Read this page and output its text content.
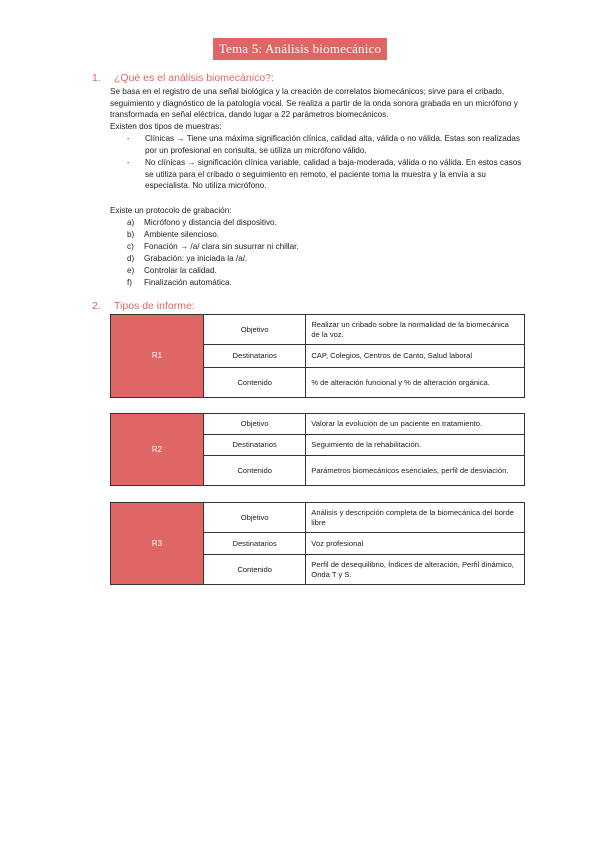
Tema 5: Análisis biomecánico
1. ¿Qué es el análisis biomecánico?:

Se basa en el registro de una señal biológica y la creación de correlatos biomecánicos; sirve para el cribado, seguimiento y diagnóstico de la patología vocal. Se realiza a partir de la onda sonora grabada en un micrófono y transformada en señal eléctrica, dando lugar a 22 parámetros biomecánicos.

Existen dos tipos de muestras:

- Clínicas → Tiene una máxima significación clínica, calidad alta, válida o no válida. Estas son realizadas por un profesional en consulta, se utiliza un micrófono válido.
- No clínicas → significación clínica variable, calidad a baja-moderada, válida o no válida. En estos casos se utiliza para el cribado o seguimiento en remoto, el paciente toma la muestra y la envía a su especialista. No utiliza micrófono.

Existe un protocolo de grabación:

a) Micrófono y distancia del dispositivo.
b) Ambiente silencioso.
c) Fonación → /a/ clara sin susurrar ni chillar.
d) Grabación: ya iniciada la /a/.
e) Controlar la calidad.
f) Finalización automática.
2. Tipos de informe:
R1	Objetivo	Realizar un cribado sobre la normalidad de la biomecánica de la voz.
	Destinatarios	CAP, Colegios, Centros de Canto, Salud laboral
	Contenido	% de alteración funcional y % de alteración orgánica.
R2	Objetivo	Valorar la evolución de un paciente en tratamiento.
	Destinatarios	Seguimiento de la rehabilitación.
	Contenido	Parámetros biomecánicos esenciales, perfil de desviación.
R3	Objetivo	Análisis y descripción completa de la biomecánica del borde libre
	Destinatarios	Voz profesional
	Contenido	Perfil de desequilibrio, Índices de alteración, Perfil dinámico, Onda T y S.
